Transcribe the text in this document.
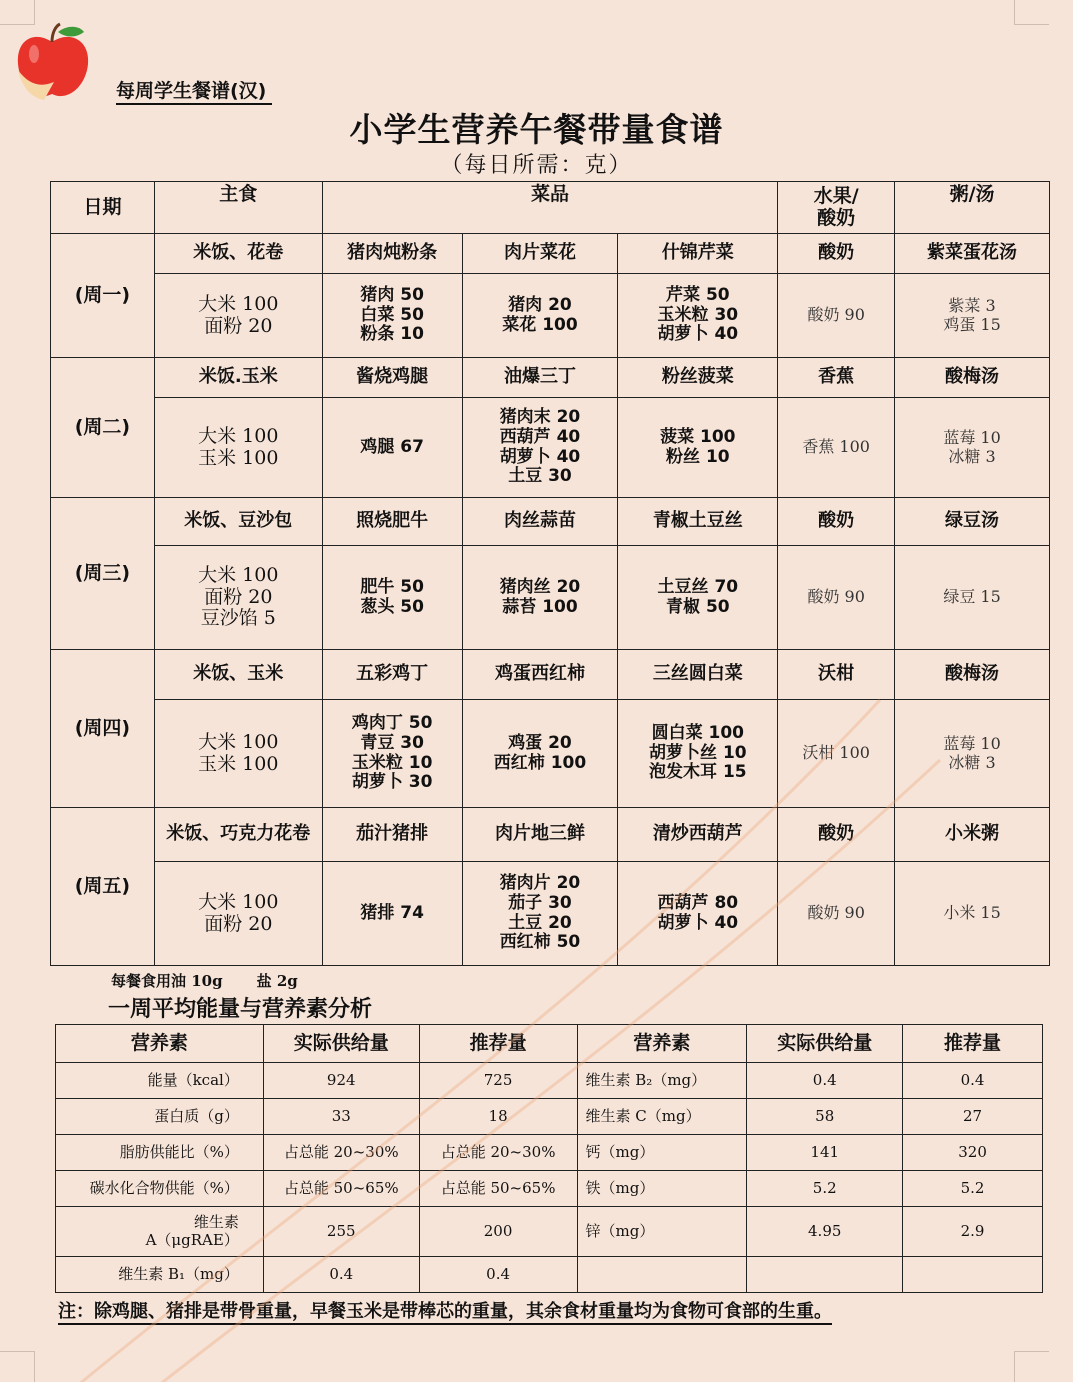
每周学生餐谱(汉)
小学生营养午餐带量食谱
（每日所需：克）
日期	主食	菜品			水果/
酸奶	粥/汤
(周一)	米饭、花卷	猪肉炖粉条	肉片菜花	什锦芹菜	酸奶	紫菜蛋花汤

	大米 100
面粉 20	猪肉 50
白菜 50
粉条 10	猪肉 20
菜花 100	芹菜 50
玉米粒 30
胡萝卜 40	酸奶 90	紫菜 3
鸡蛋 15

(周二)	米饭.玉米	酱烧鸡腿	油爆三丁	粉丝菠菜	香蕉	酸梅汤

	大米 100
玉米 100	鸡腿 67	猪肉末 20
西葫芦 40
胡萝卜 40
土豆 30	菠菜 100
粉丝 10	香蕉 100	蓝莓 10
冰糖 3

(周三)	米饭、豆沙包	照烧肥牛	肉丝蒜苗	青椒土豆丝	酸奶	绿豆汤

	大米 100
面粉 20
豆沙馅 5	肥牛 50
葱头 50	猪肉丝 20
蒜苔 100	土豆丝 70
青椒 50	酸奶 90	绿豆 15

(周四)	米饭、玉米	五彩鸡丁	鸡蛋西红柿	三丝圆白菜	沃柑	酸梅汤

	大米 100
玉米 100	鸡肉丁 50
青豆 30
玉米粒 10
胡萝卜 30	鸡蛋 20
西红柿 100	圆白菜 100
胡萝卜丝 10
泡发木耳 15	沃柑 100	蓝莓 10
冰糖 3

(周五)	米饭、巧克力花卷	茄汁猪排	肉片地三鲜	清炒西葫芦	酸奶	小米粥

	大米 100
面粉 20	猪排 74	猪肉片 20
茄子 30
土豆 20
西红柿 50	西葫芦 80
胡萝卜 40	酸奶 90	小米 15
每餐食用油 10g 盐 2g
一周平均能量与营养素分析
营养素	实际供给量	推荐量	营养素	实际供给量	推荐量
能量（kcal）	924	725	维生素 B₂（mg）	0.4	0.4
蛋白质（g）	33	18	维生素 C（mg）	58	27
脂肪供能比（%）	占总能 20~30%	占总能 20~30%	钙（mg）	141	320
碳水化合物供能（%）	占总能 50~65%	占总能 50~65%	铁（mg）	5.2	5.2
维生素
A（μgRAE）	255	200	锌（mg）	4.95	2.9
维生素 B₁（mg）	0.4	0.4			
注：除鸡腿、猪排是带骨重量，早餐玉米是带棒芯的重量，其余食材重量均为食物可食部的生重。
